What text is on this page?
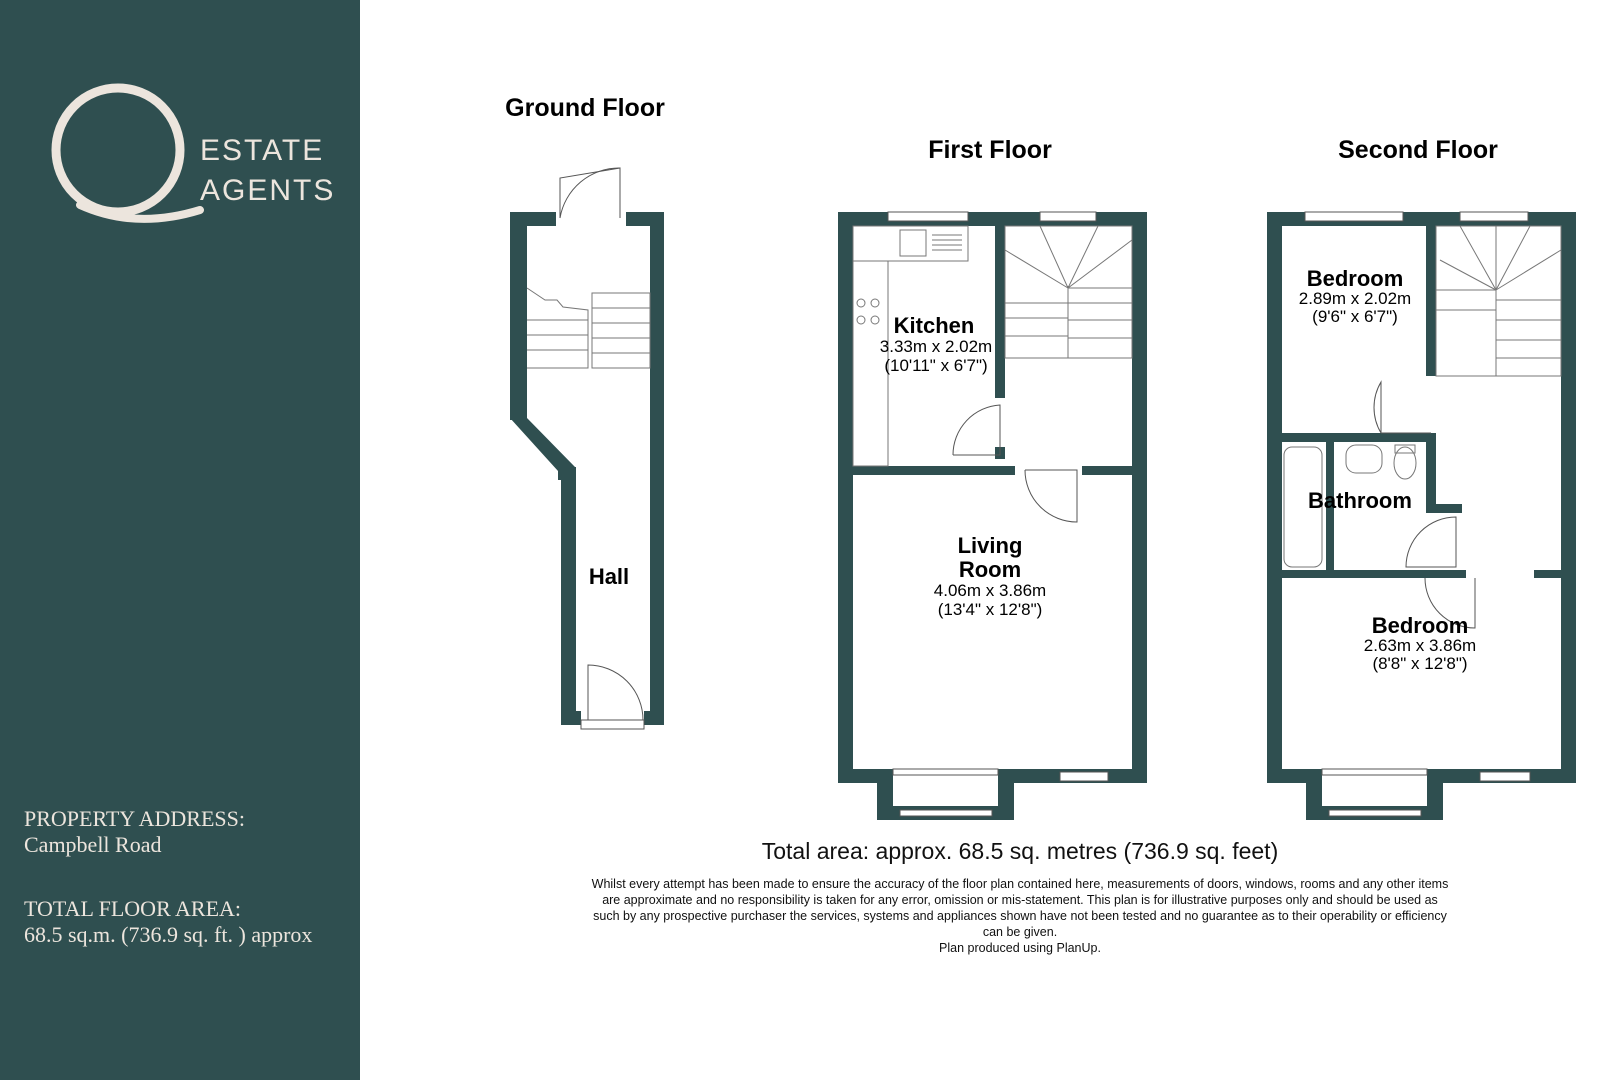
ESTATE
AGENTS
PROPERTY ADDRESS:
Campbell Road
TOTAL FLOOR AREA:
68.5 sq.m. (736.9 sq. ft. ) approx
Ground Floor
Hall
First Floor
Kitchen
3.33m x 2.02m
(10'11" x 6'7")
Living
Room
4.06m x 3.86m
(13'4" x 12'8")
Second Floor
Bedroom
2.89m x 2.02m
(9'6" x 6'7")
Bathroom
Bedroom
2.63m x 3.86m
(8'8" x 12'8")
Total area: approx. 68.5 sq. metres (736.9 sq. feet)
Whilst every attempt has been made to ensure the accuracy of the floor plan contained here, measurements of doors, windows, rooms and any other items are approximate and no responsibility is taken for any error, omission or mis-statement. This plan is for illustrative purposes only and should be used as such by any prospective purchaser the services, systems and appliances shown have not been tested and no guarantee as to their operability or efficiency can be given.
Plan produced using PlanUp.
